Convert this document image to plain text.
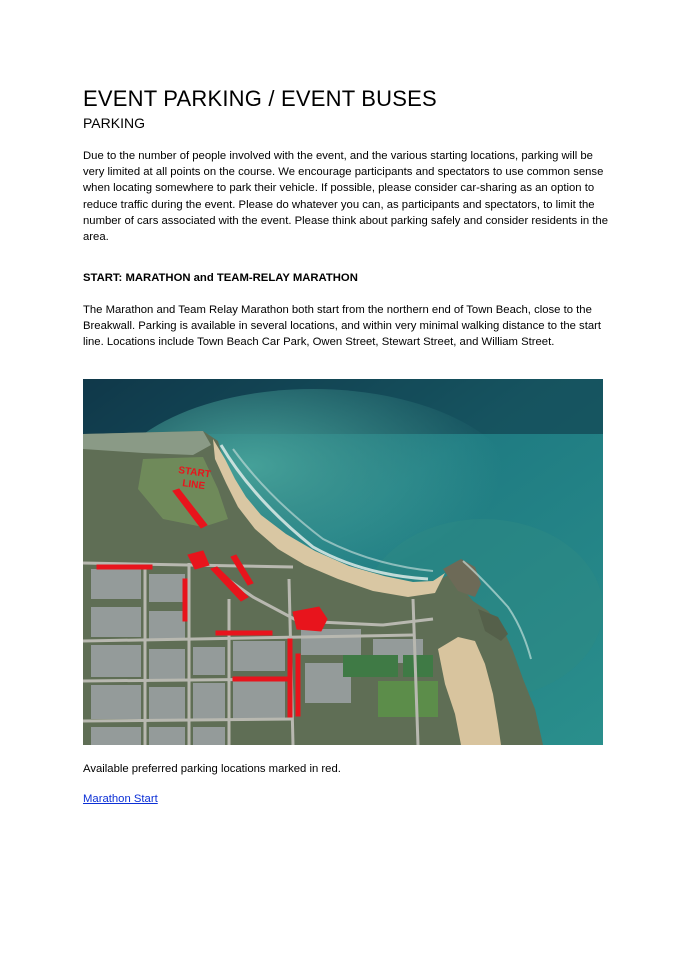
EVENT PARKING / EVENT BUSES
PARKING
Due to the number of people involved with the event, and the various starting locations, parking will be very limited at all points on the course. We encourage participants and spectators to use common sense when locating somewhere to park their vehicle. If possible, please consider car-sharing as an option to reduce traffic during the event. Please do whatever you can, as participants and spectators, to limit the number of cars associated with the event. Please think about parking safely and consider residents in the area.
START: MARATHON and TEAM-RELAY MARATHON
The Marathon and Team Relay Marathon both start from the northern end of Town Beach, close to the Breakwall. Parking is available in several locations, and within very minimal walking distance to the start line. Locations include Town Beach Car Park, Owen Street, Stewart Street, and William Street.
START
LINE
Available preferred parking locations marked in red.
Marathon Start
